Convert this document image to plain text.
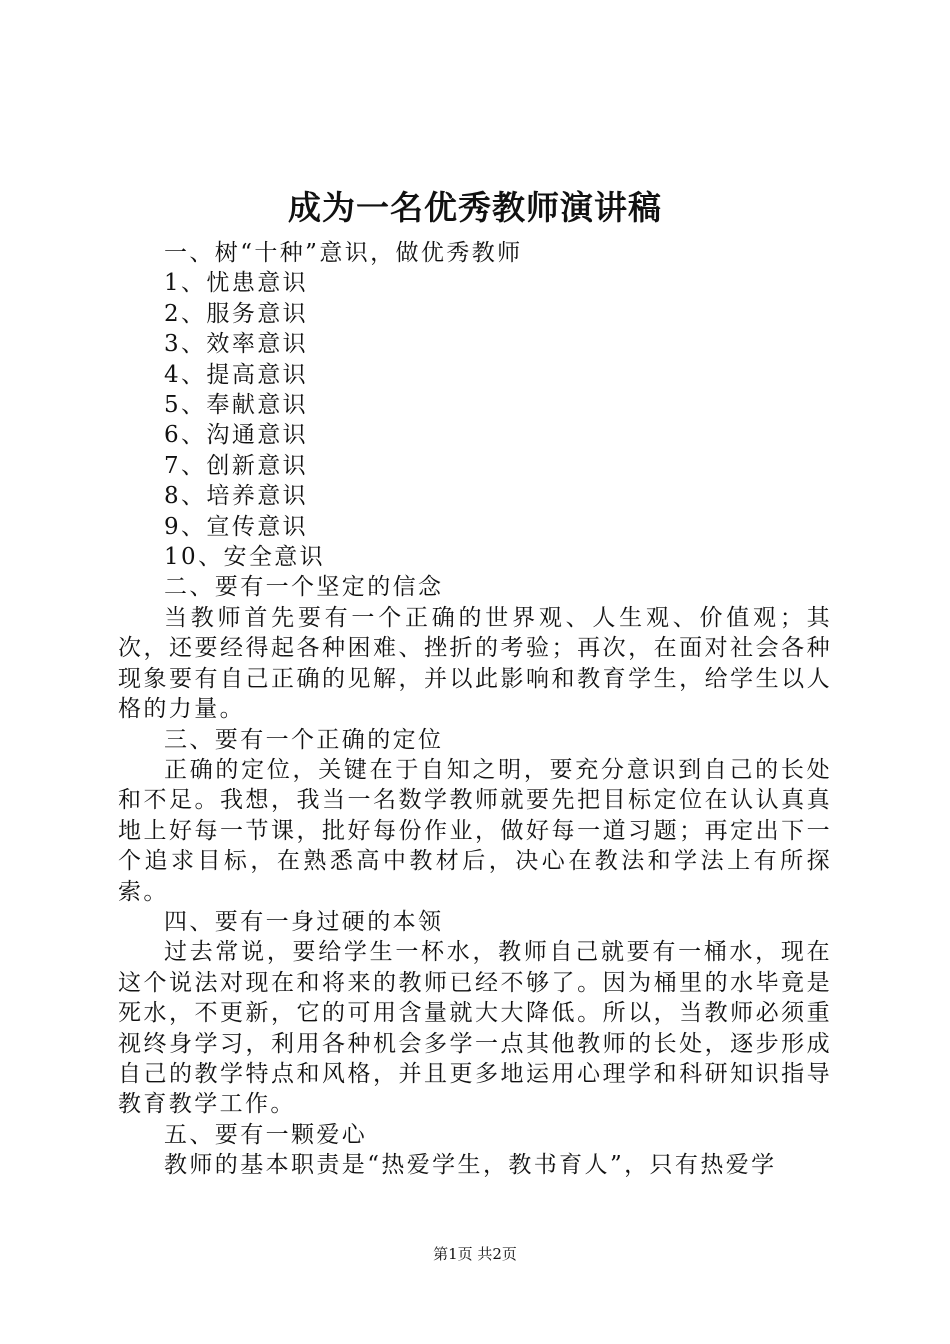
成为一名优秀教师演讲稿

一、树“十种”意识，做优秀教师

1、忧患意识

2、服务意识

3、效率意识

4、提高意识

5、奉献意识

6、沟通意识

7、创新意识

8、培养意识

9、宣传意识

10、安全意识

二、要有一个坚定的信念

当教师首先要有一个正确的世界观、人生观、价值观；其次，还要经得起各种困难、挫折的考验；再次，在面对社会各种现象要有自己正确的见解，并以此影响和教育学生，给学生以人格的力量。

三、要有一个正确的定位

正确的定位，关键在于自知之明，要充分意识到自己的长处和不足。我想，我当一名数学教师就要先把目标定位在认认真真地上好每一节课，批好每份作业，做好每一道习题；再定出下一个追求目标，在熟悉高中教材后，决心在教法和学法上有所探索。

四、要有一身过硬的本领

过去常说，要给学生一杯水，教师自己就要有一桶水，现在这个说法对现在和将来的教师已经不够了。因为桶里的水毕竟是死水，不更新，它的可用含量就大大降低。所以，当教师必须重视终身学习，利用各种机会多学一点其他教师的长处，逐步形成自己的教学特点和风格，并且更多地运用心理学和科研知识指导教育教学工作。

五、要有一颗爱心

教师的基本职责是“热爱学生，教书育人”，只有热爱学

第1页 共2页
